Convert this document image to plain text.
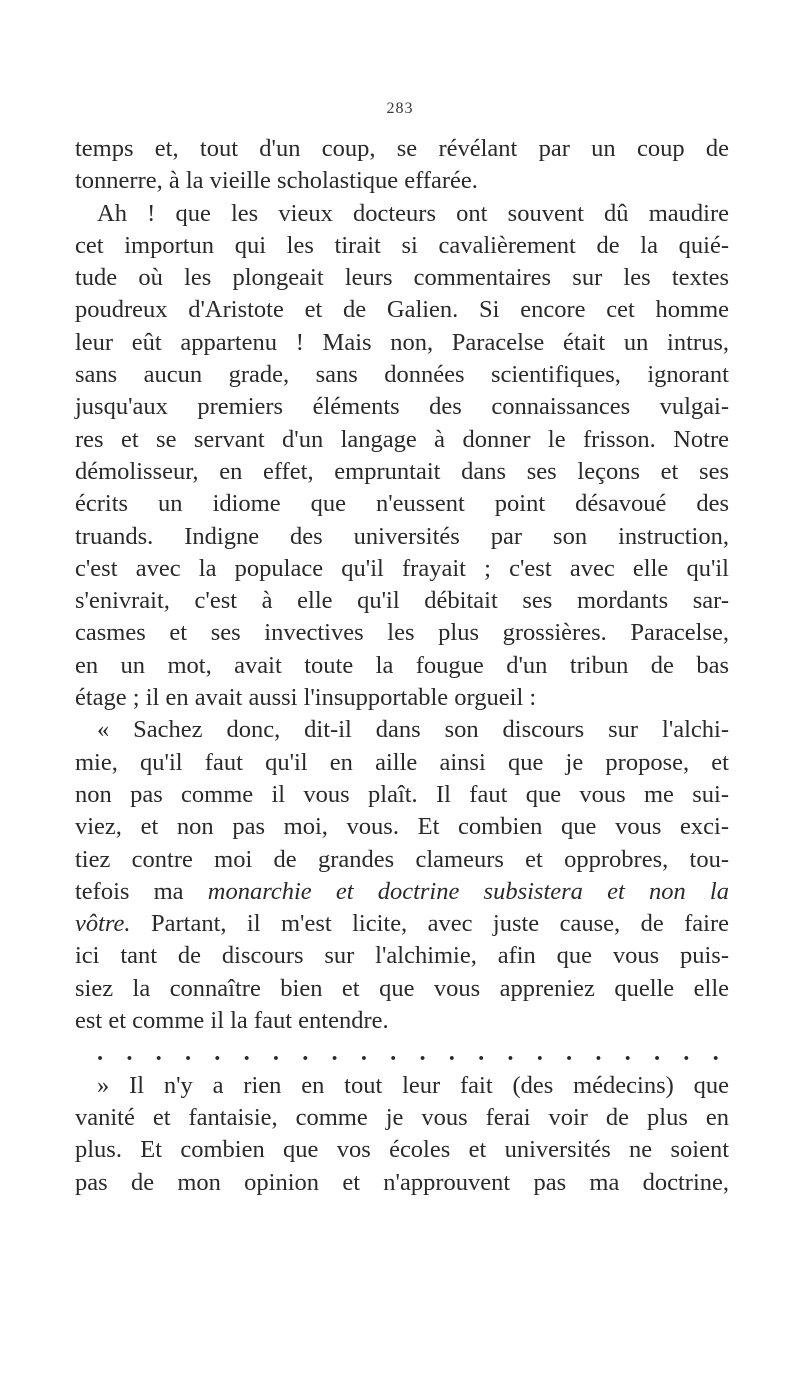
283
temps et, tout d'un coup, se révélant par un coup de
tonnerre, à la vieille scholastique effarée.
Ah ! que les vieux docteurs ont souvent dû maudire
cet importun qui les tirait si cavalièrement de la quié-
tude où les plongeait leurs commentaires sur les textes
poudreux d'Aristote et de Galien. Si encore cet homme
leur eût appartenu ! Mais non, Paracelse était un intrus,
sans aucun grade, sans données scientifiques, ignorant
jusqu'aux premiers éléments des connaissances vulgai-
res et se servant d'un langage à donner le frisson. Notre
démolisseur, en effet, empruntait dans ses leçons et ses
écrits un idiome que n'eussent point désavoué des
truands. Indigne des universités par son instruction,
c'est avec la populace qu'il frayait ; c'est avec elle qu'il
s'enivrait, c'est à elle qu'il débitait ses mordants sar-
casmes et ses invectives les plus grossières. Paracelse,
en un mot, avait toute la fougue d'un tribun de bas
étage ; il en avait aussi l'insupportable orgueil :
« Sachez donc, dit-il dans son discours sur l'alchi-
mie, qu'il faut qu'il en aille ainsi que je propose, et
non pas comme il vous plaît. Il faut que vous me sui-
viez, et non pas moi, vous. Et combien que vous exci-
tiez contre moi de grandes clameurs et opprobres, tou-
tefois ma monarchie et doctrine subsistera et non la
vôtre. Partant, il m'est licite, avec juste cause, de faire
ici tant de discours sur l'alchimie, afin que vous puis-
siez la connaître bien et que vous appreniez quelle elle
est et comme il la faut entendre.
. . . . . . . . . . . . . . . . . . . . . .
» Il n'y a rien en tout leur fait (des médecins) que
vanité et fantaisie, comme je vous ferai voir de plus en
plus. Et combien que vos écoles et universités ne soient
pas de mon opinion et n'approuvent pas ma doctrine,
